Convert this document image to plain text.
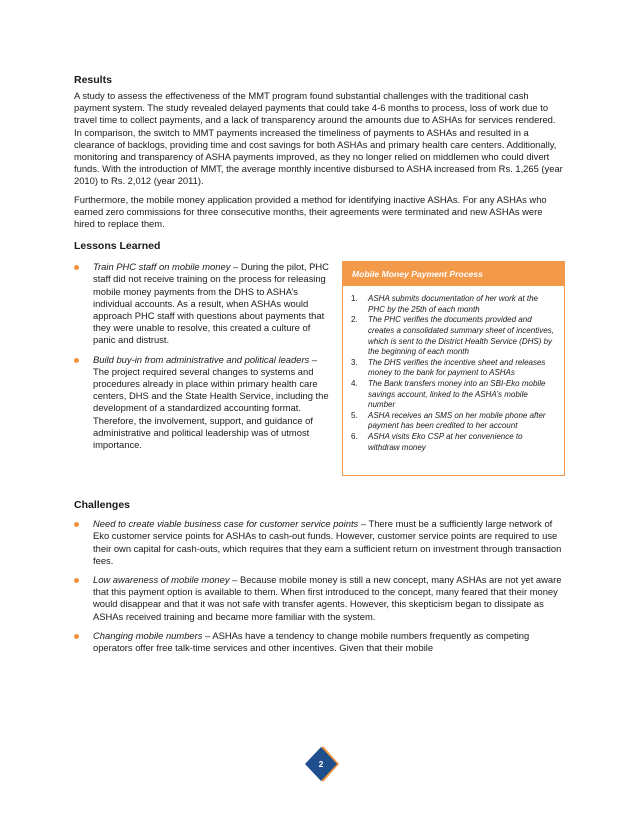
Results

A study to assess the effectiveness of the MMT program found substantial challenges with the traditional cash payment system. The study revealed delayed payments that could take 4-6 months to process, loss of work due to travel time to collect payments, and a lack of transparency around the amounts due to ASHAs for services rendered. In comparison, the switch to MMT payments increased the timeliness of payments to ASHAs and resulted in a clearance of backlogs, providing time and cost savings for both ASHAs and primary health care centers. Additionally, monitoring and transparency of ASHA payments improved, as they no longer relied on middlemen who could divert funds. With the introduction of MMT, the average monthly incentive disbursed to ASHA increased from Rs. 1,265 (year 2010) to Rs. 2,012 (year 2011).

Furthermore, the mobile money application provided a method for identifying inactive ASHAs. For any ASHAs who earned zero commissions for three consecutive months, their agreements were terminated and new ASHAs were hired to replace them.

Lessons Learned
Train PHC staff on mobile money – During the pilot, PHC staff did not receive training on the process for releasing mobile money payments from the DHS to ASHA’s individual accounts. As a result, when ASHAs would approach PHC staff with questions about payments that they were unable to resolve, this created a culture of panic and distrust.
Build buy-in from administrative and political leaders – The project required several changes to systems and procedures already in place within primary health care centers, DHS and the State Health Service, including the development of a standardized accounting format. Therefore, the involvement, support, and guidance of administrative and political leadership was of utmost importance.
Mobile Money Payment Process
1. ASHA submits documentation of her work at the PHC by the 25th of each month
2. The PHC verifies the documents provided and creates a consolidated summary sheet of incentives, which is sent to the District Health Service (DHS) by the beginning of each month
3. The DHS verifies the incentive sheet and releases money to the bank for payment to ASHAs
4. The Bank transfers money into an SBI-Eko mobile savings account, linked to the ASHA’s mobile number
5. ASHA receives an SMS on her mobile phone after payment has been credited to her account
6. ASHA visits Eko CSP at her convenience to withdraw money
Challenges
Need to create viable business case for customer service points – There must be a sufficiently large network of Eko customer service points for ASHAs to cash-out funds. However, customer service points are required to use their own capital for cash-outs, which requires that they earn a sufficient return on investment through transaction fees.
Low awareness of mobile money – Because mobile money is still a new concept, many ASHAs are not yet aware that this payment option is available to them. When first introduced to the concept, many feared that their money would disappear and that it was not safe with transfer agents. However, this skepticism began to dissipate as ASHAs received training and became more familiar with the system.
Changing mobile numbers – ASHAs have a tendency to change mobile numbers frequently as competing operators offer free talk-time services and other incentives. Given that their mobile
2
